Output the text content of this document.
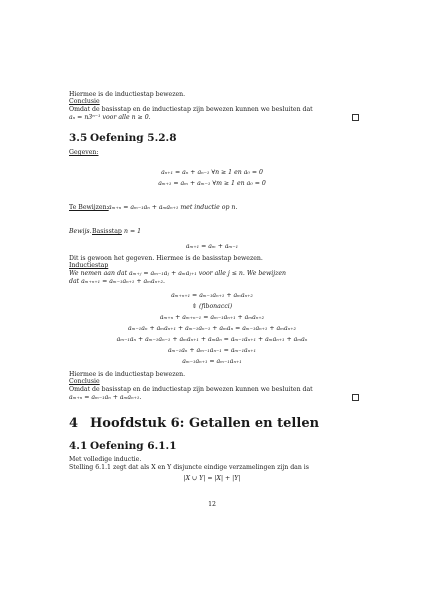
Hiermee is de inductiestap bewezen.
Conclusie
Omdat de basisstap en de inductiestap zijn bewezen kunnen we besluiten dat
aₙ = n3ⁿ⁻¹ voor alle n ≥ 0.
3.5 Oefening 5.2.8
Gegeven:
aₙ₊₁ = aₙ + aₙ₋₁ ∀n ≥ 1 en a₀ = 0
aₘ₊₁ = aₘ + aₘ₋₁ ∀m ≥ 1 en a₀ = 0
Te Bewijzen: aₘ₊ₙ = aₘ₋₁aₙ + aₘaₙ₊₁ met inductie op n.
Bewijs. Basisstap n = 1
aₘ₊₁ = aₘ + aₘ₋₁
Dit is gewoon het gegeven. Hiermee is de basisstap bewezen.
Inductiestap
We nemen aan dat aₘ₊ⱼ = aₘ₋₁aⱼ + aₘaⱼ₊₁ voor alle j ≤ n. We bewijzen
dat aₘ₊ₙ₊₁ = aₘ₋₁aₙ₊₁ + aₘaₙ₊₂.
aₘ₊ₙ₊₁ = aₘ₋₁aₙ₊₁ + aₘaₙ₊₂
⇕ (fibonacci)
aₘ₊ₙ + aₘ₊ₙ₋₁ = aₘ₋₁aₙ₊₁ + aₘaₙ₊₂
aₘ₋₁aₙ + aₘaₙ₊₁ + aₘ₋₁aₙ₋₁ + aₘaₙ = aₘ₋₁aₙ₊₁ + aₘaₙ₊₂
aₘ₋₁aₙ + aₘ₋₁aₙ₋₁ + aₘaₙ₊₁ + aₘaₙ = aₘ₋₁aₙ₊₁ + aₘaₙ₊₁ + aₘaₙ
aₘ₋₁aₙ + aₘ₋₁aₙ₋₁ = aₘ₋₁aₙ₊₁
aₘ₋₁aₙ₊₁ = aₘ₋₁aₙ₊₁
Hiermee is de inductiestap bewezen.
Conclusie
Omdat de basisstap en de inductiestap zijn bewezen kunnen we besluiten dat
aₘ₊ₙ = aₘ₋₁aₙ + aₘaₙ₊₁.
4 Hoofdstuk 6: Getallen en tellen
4.1 Oefening 6.1.1
Met volledige inductie.
Stelling 6.1.1 zegt dat als X en Y disjuncte eindige verzamelingen zijn dan is
|X ∪ Y| = |X| + |Y|
12
